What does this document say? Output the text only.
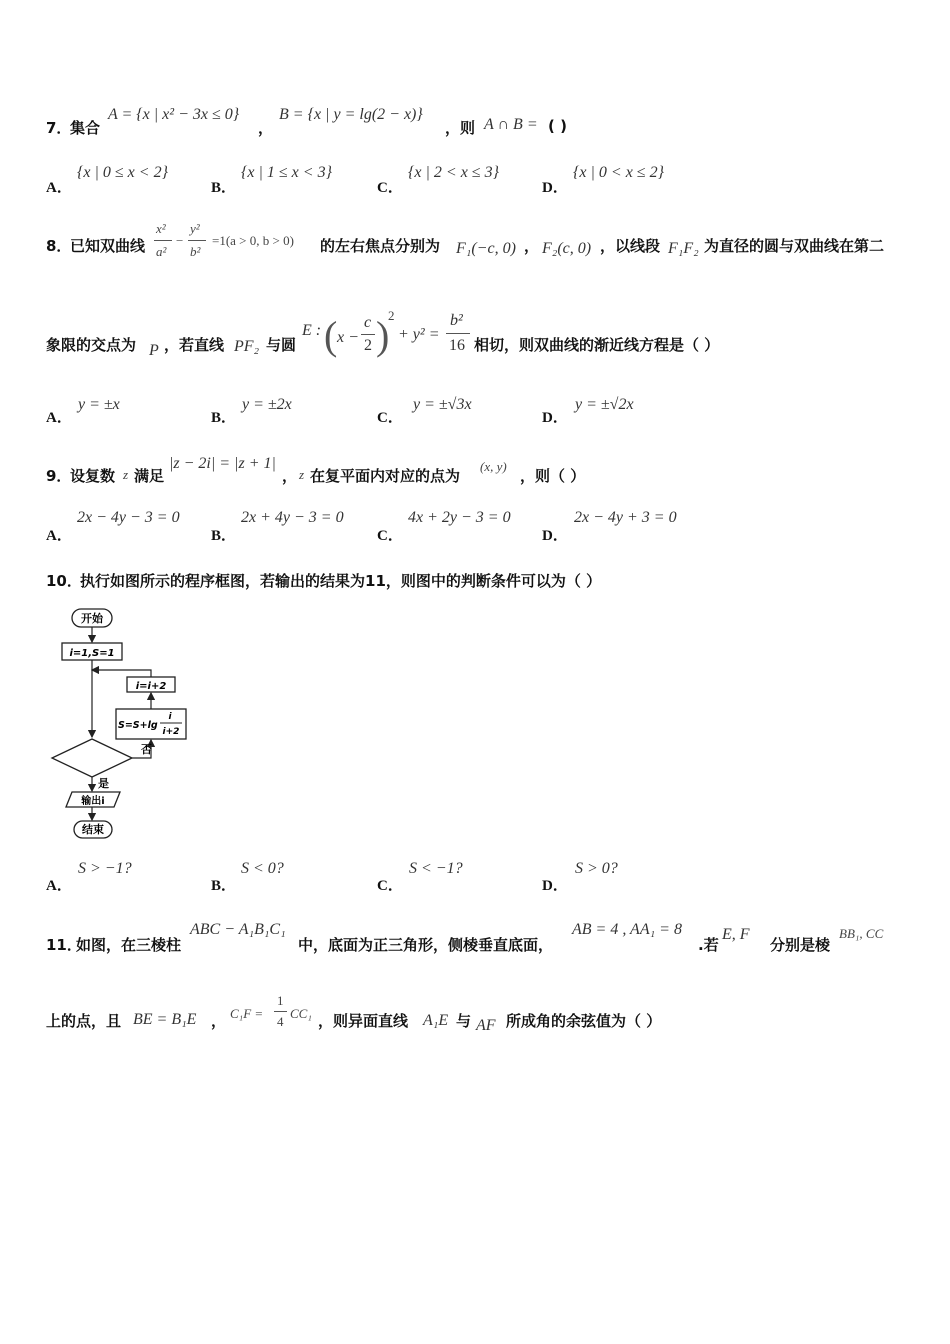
7．
集合
A = {x | x² − 3x ≤ 0}
，
B = {x | y = lg(2 − x)}
，则 A ∩ B = ( )
A．
{x | 0 ≤ x < 2}
B．
{x | 1 ≤ x < 3}
C．
{x | 2 < x ≤ 3}
D．
{x | 0 < x ≤ 2}
8．
已知双曲线
x²
a²
−
y²
b²
=1(a > 0, b > 0) 的左右焦点分别为 F₁(−c, 0) ， F₂(c, 0) ，以线段 F₁F₂ 为直径的圆与双曲线在第二
象限的交点为 P ，若直线 PF₂ 与圆
E : ( x −
c
2 )
2
+ y² =
b²
16 相切，则双曲线的渐近线方程是（ ）
A．
y = ±x
B．
y = ±2x
C．
y = ±√3x
D．
y = ±√2x
9．
设复数 z 满足
|z − 2i| = |z + 1|
， z 在复平面内对应的点为
(x, y)
，则（ ）
A．
2x − 4y − 3 = 0
B．
2x + 4y − 3 = 0
C．
4x + 2y − 3 = 0
D．
2x − 4y + 3 = 0
10．
执行如图所示的程序框图，若输出的结果为11，则图中的判断条件可以为（ ）
开始
i=1,S=1
i=i+2
S=S+lg
i
i+2
否
是
输出i
结束
A．
S > −1?
B．
S < 0?
C．
S < −1?
D．
S > 0?
11．
如图，在三棱柱
ABC − A₁B₁C₁
中，底面为正三角形，侧棱垂直底面，
AB = 4 , AA₁ = 8
.若
E, F
分别是棱
BB₁, CC
上的点，且 BE = B₁E ， C₁F =
1
4
CC₁ ，则异面直线 A₁E 与 AF 所成角的余弦值为（ ）
